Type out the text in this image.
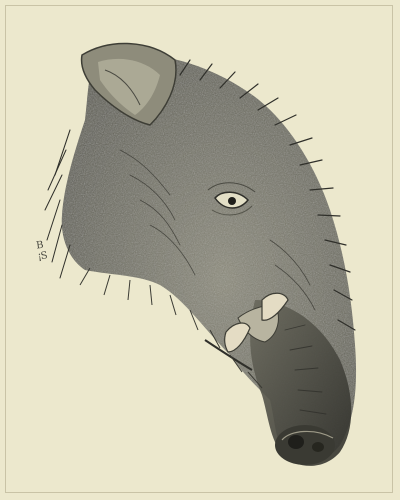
B
¡S
